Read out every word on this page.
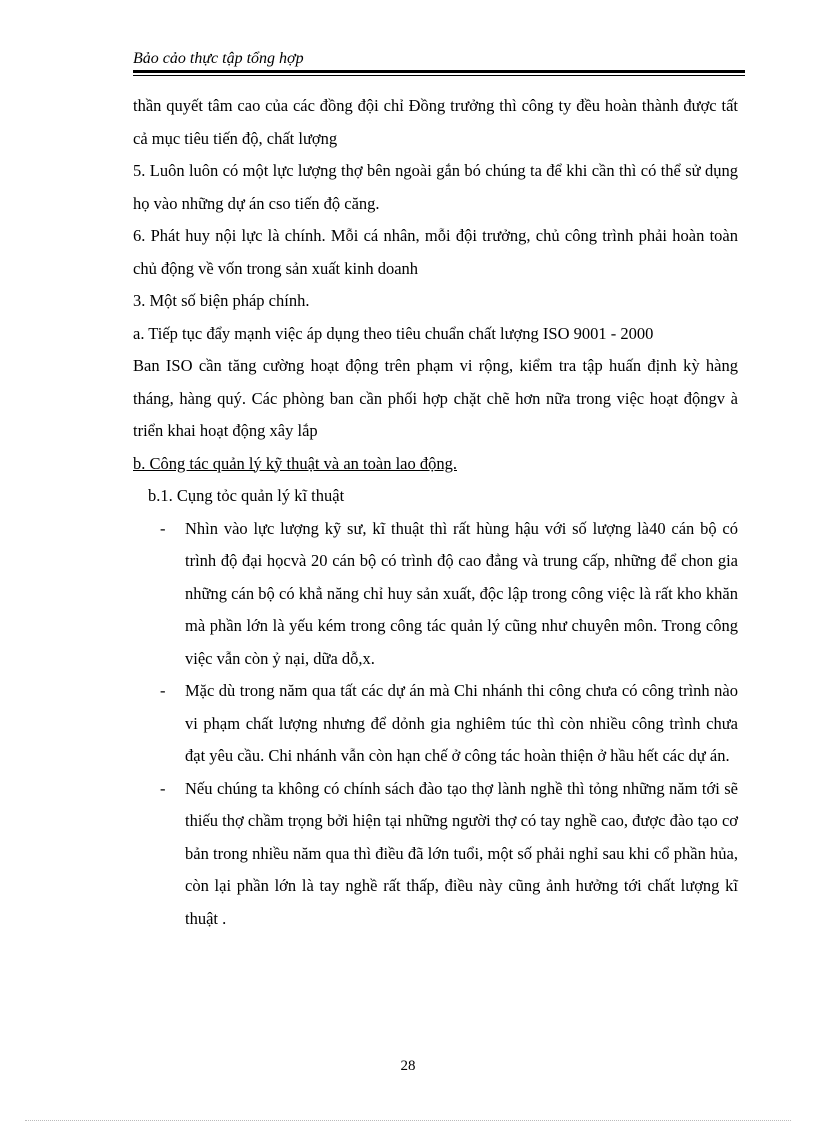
Bảo cảo thực tập tổng hợp

thần quyết tâm cao của các đồng đội chỉ Đồng trưởng thì công ty đều hoàn thành được tất cả mục tiêu tiến độ, chất lượng

5. Luôn luôn có một lực lượng thợ bên ngoài gắn bó chúng ta để khi cần thì có thể sử dụng họ vào những dự án cso tiến độ căng.

6. Phát huy nội lực là chính. Mỗi cá nhân, mỗi đội trưởng, chủ công trình phải hoàn toàn chủ động về vốn trong sản xuất kinh doanh

3. Một số biện pháp chính.

a. Tiếp tục đẩy mạnh việc áp dụng theo tiêu chuẩn chất lượng ISO 9001 - 2000

Ban ISO cần tăng cường hoạt động trên phạm vi rộng, kiểm tra tập huấn định kỳ hàng tháng, hàng quý. Các phòng ban cần phối hợp chặt chẽ hơn nữa trong việc hoạt độngv à triển khai hoạt động xây lắp

b. Công tác quản lý kỹ thuật và an toàn lao động.

b.1. Cụng tỏc quản lý kĩ thuật

-	Nhìn vào lực lượng kỹ sư, kĩ thuật thì rất hùng hậu với số lượng là40 cán bộ có trình độ đại họcvà 20 cán bộ có trình độ cao đẳng và trung cấp, những để chon gia những cán bộ có khẳ năng chỉ huy sản xuất, độc lập trong công việc là rất kho khăn mà phần lớn là yếu kém trong công tác quản lý cũng như chuyên môn. Trong công việc vẫn còn ỷ nại, dữa dỗ,x.
-	Mặc dù trong năm qua tất các dự án mà Chi nhánh thi công chưa có công trình nào vi phạm chất lượng nhưng để dỏnh gia nghiêm túc thì còn nhiều công trình chưa đạt yêu cầu. Chi nhánh vẫn còn hạn chế ở công tác hoàn thiện ở hầu hết các dự án.
-	Nếu chúng ta không có chính sách đào tạo thợ lành nghề thì tỏng những năm tới sẽ thiếu thợ chầm trọng bởi hiện tại những người thợ có tay nghề cao, được đào tạo cơ bản trong nhiều năm qua thì điều đã lớn tuổi, một số phải nghỉ sau khi cổ phần hủa, còn lại phần lớn là tay nghề rất thấp, điều này cũng ảnh hưởng tới chất lượng kĩ thuật .
28
